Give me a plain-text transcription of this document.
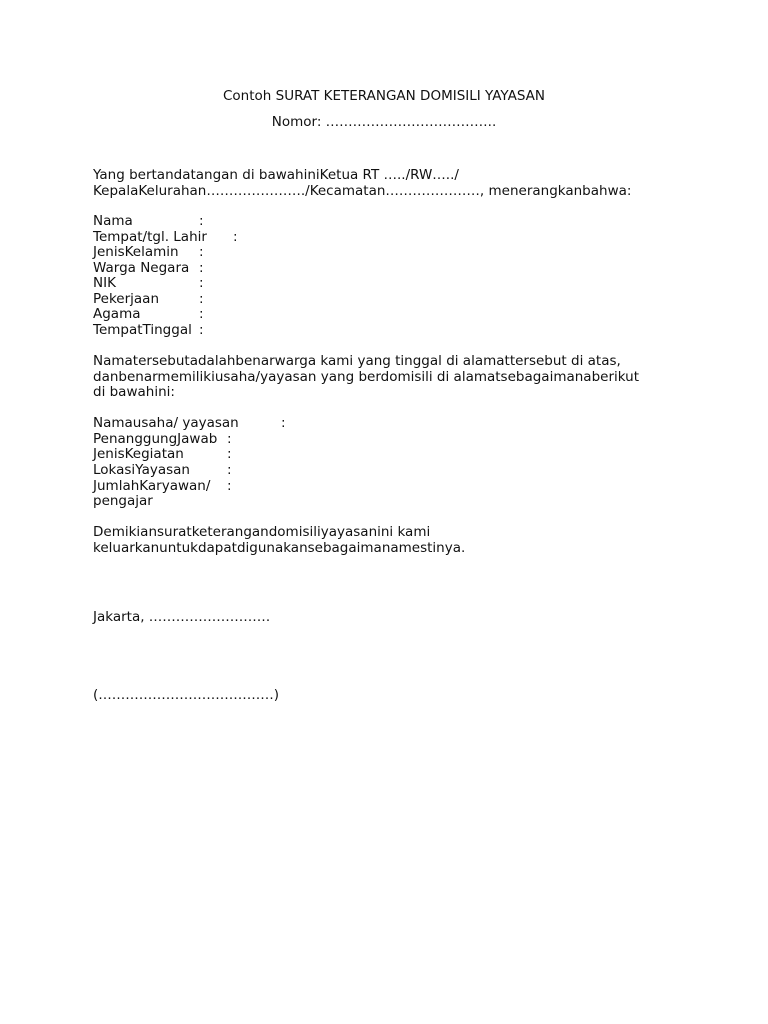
Contoh SURAT KETERANGAN DOMISILI YAYASAN
Nomor: ………………………………..
Yang bertandatangan di bawahiniKetua RT …../RW…../
KepalaKelurahan…………………./Kecamatan…………………, menerangkanbahwa:
Nama	:
Tempat/tgl. Lahir :
JenisKelamin :
Warga Negara :
NIK	:
Pekerjaan	:
Agama	:
TempatTinggal :
Namatersebutadalahbenarwarga kami yang tinggal di alamattersebut di atas,
danbenarmemilikiusaha/yayasan yang berdomisili di alamatsebagaimanaberikut
di bawahini:
Namausaha/ yayasan	:
PenanggungJawab :
JenisKegiatan	:
LokasiYayasan	:
JumlahKaryawan/ :
pengajar
Demikiansuratketerangandomisiliyayasanini kami
keluarkanuntukdapatdigunakansebagaimanamestinya.
Jakarta, ………………………
(…………………………………)
